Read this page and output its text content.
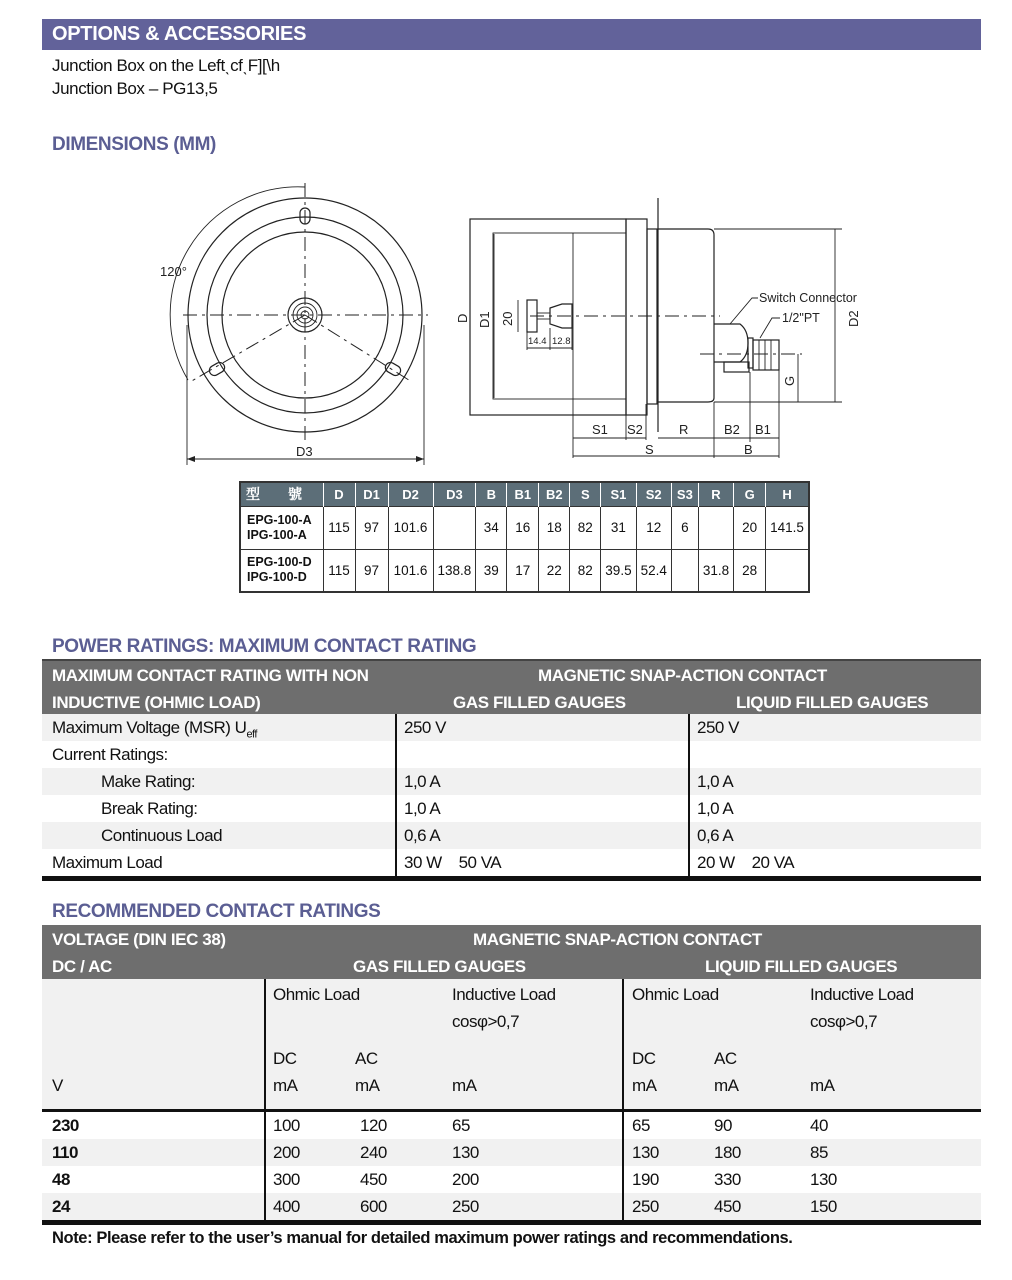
OPTIONS & ACCESSORIES
Junction Box on the LeftˎcfˎF][\h
Junction Box – PG13,5
DIMENSIONS (MM)
120°
D3
D D1 20
14.4 12.8
Switch Connector
1/2"PT D2
G
S1 S2	R	B2 B1
S	B
型　　號	D	D1	D2	D3	B	B1	B2	S	S1	S2	S3	R	G	H

EPG-100-A
IPG-100-A	115	97	101.6		34	16	18	82	31	12	6		20	141.5

EPG-100-D
IPG-100-D	115	97	101.6	138.8	39	17	22	82	39.5	52.4		31.8	28	
POWER RATINGS: MAXIMUM CONTACT RATING
MAXIMUM CONTACT RATING WITH NON
INDUCTIVE (OHMIC LOAD)
MAGNETIC SNAP-ACTION CONTACT
GAS FILLED GAUGES	LIQUID FILLED GAUGES
Maximum Voltage (MSR) $U_{eff}$	250 V	250 V
Current Ratings:
Make Rating:	1,0 A	1,0 A
Break Rating:	1,0 A	1,0 A
Continuous Load	0,6 A	0,6 A
Maximum Load	30 W    50 VA	20 W    20 VA
RECOMMENDED CONTACT RATINGS
VOLTAGE (DIN IEC 38)
DC / AC
MAGNETIC SNAP-ACTION CONTACT
GAS FILLED GAUGES	LIQUID FILLED GAUGES
Ohmic Load	Inductive Load
cosφ>0,7
Ohmic Load	Inductive Load
cosφ>0,7
DC	AC	DC	AC
V	mA	mA	mA	mA	mA	mA
230	100	120	65	65	90	40
110	200	240	130	130	180	85
48	300	450	200	190	330	130
24	400	600	250	250	450	150
Note: Please refer to the user’s manual for detailed maximum power ratings and recommendations.
